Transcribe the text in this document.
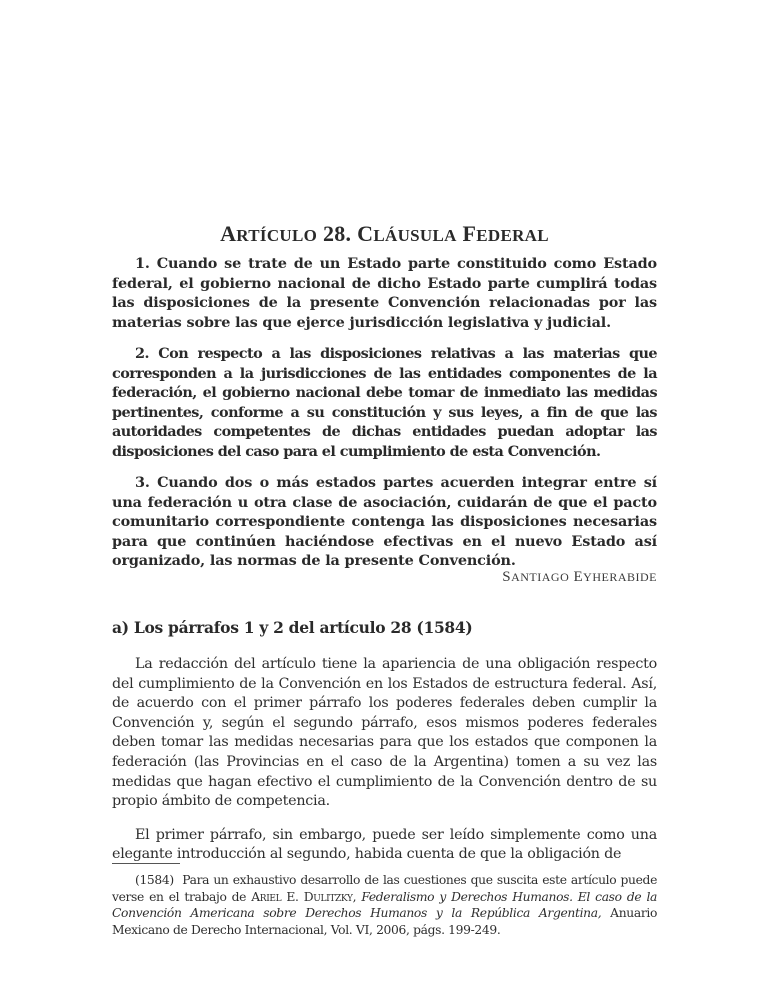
ARTÍCULO 28. CLÁUSULA FEDERAL

1. Cuando se trate de un Estado parte constituido como Estado federal, el gobierno nacional de dicho Estado parte cumplirá todas las disposiciones de la presente Convención relacionadas por las materias sobre las que ejerce jurisdicción legislativa y judicial.

2. Con respecto a las disposiciones relativas a las materias que corresponden a la jurisdicciones de las entidades componentes de la federación, el gobierno nacional debe tomar de inmediato las medidas pertinentes, conforme a su constitución y sus leyes, a fin de que las autoridades competentes de dichas entidades puedan adoptar las disposiciones del caso para el cumplimiento de esta Convención.

3. Cuando dos o más estados partes acuerden integrar entre sí una federación u otra clase de asociación, cuidarán de que el pacto comunitario correspondiente contenga las disposiciones necesarias para que continúen haciéndose efectivas en el nuevo Estado así organizado, las normas de la presente Convención.

SANTIAGO EYHERABIDE

a) Los párrafos 1 y 2 del artículo 28 (1584)

La redacción del artículo tiene la apariencia de una obligación respecto del cumplimiento de la Convención en los Estados de estructura federal. Así, de acuerdo con el primer párrafo los poderes federales deben cumplir la Convención y, según el segundo párrafo, esos mismos poderes federales deben tomar las medidas necesarias para que los estados que componen la federación (las Provincias en el caso de la Argentina) tomen a su vez las medidas que hagan efectivo el cumplimiento de la Convención dentro de su propio ámbito de competencia.

El primer párrafo, sin embargo, puede ser leído simplemente como una elegante introducción al segundo, habida cuenta de que la obligación de

(1584) Para un exhaustivo desarrollo de las cuestiones que suscita este artículo puede verse en el trabajo de Ariel E. Dulitzky, Federalismo y Derechos Humanos. El caso de la Convención Americana sobre Derechos Humanos y la República Argentina, Anuario Mexicano de Derecho Internacional, Vol. VI, 2006, págs. 199-249.
